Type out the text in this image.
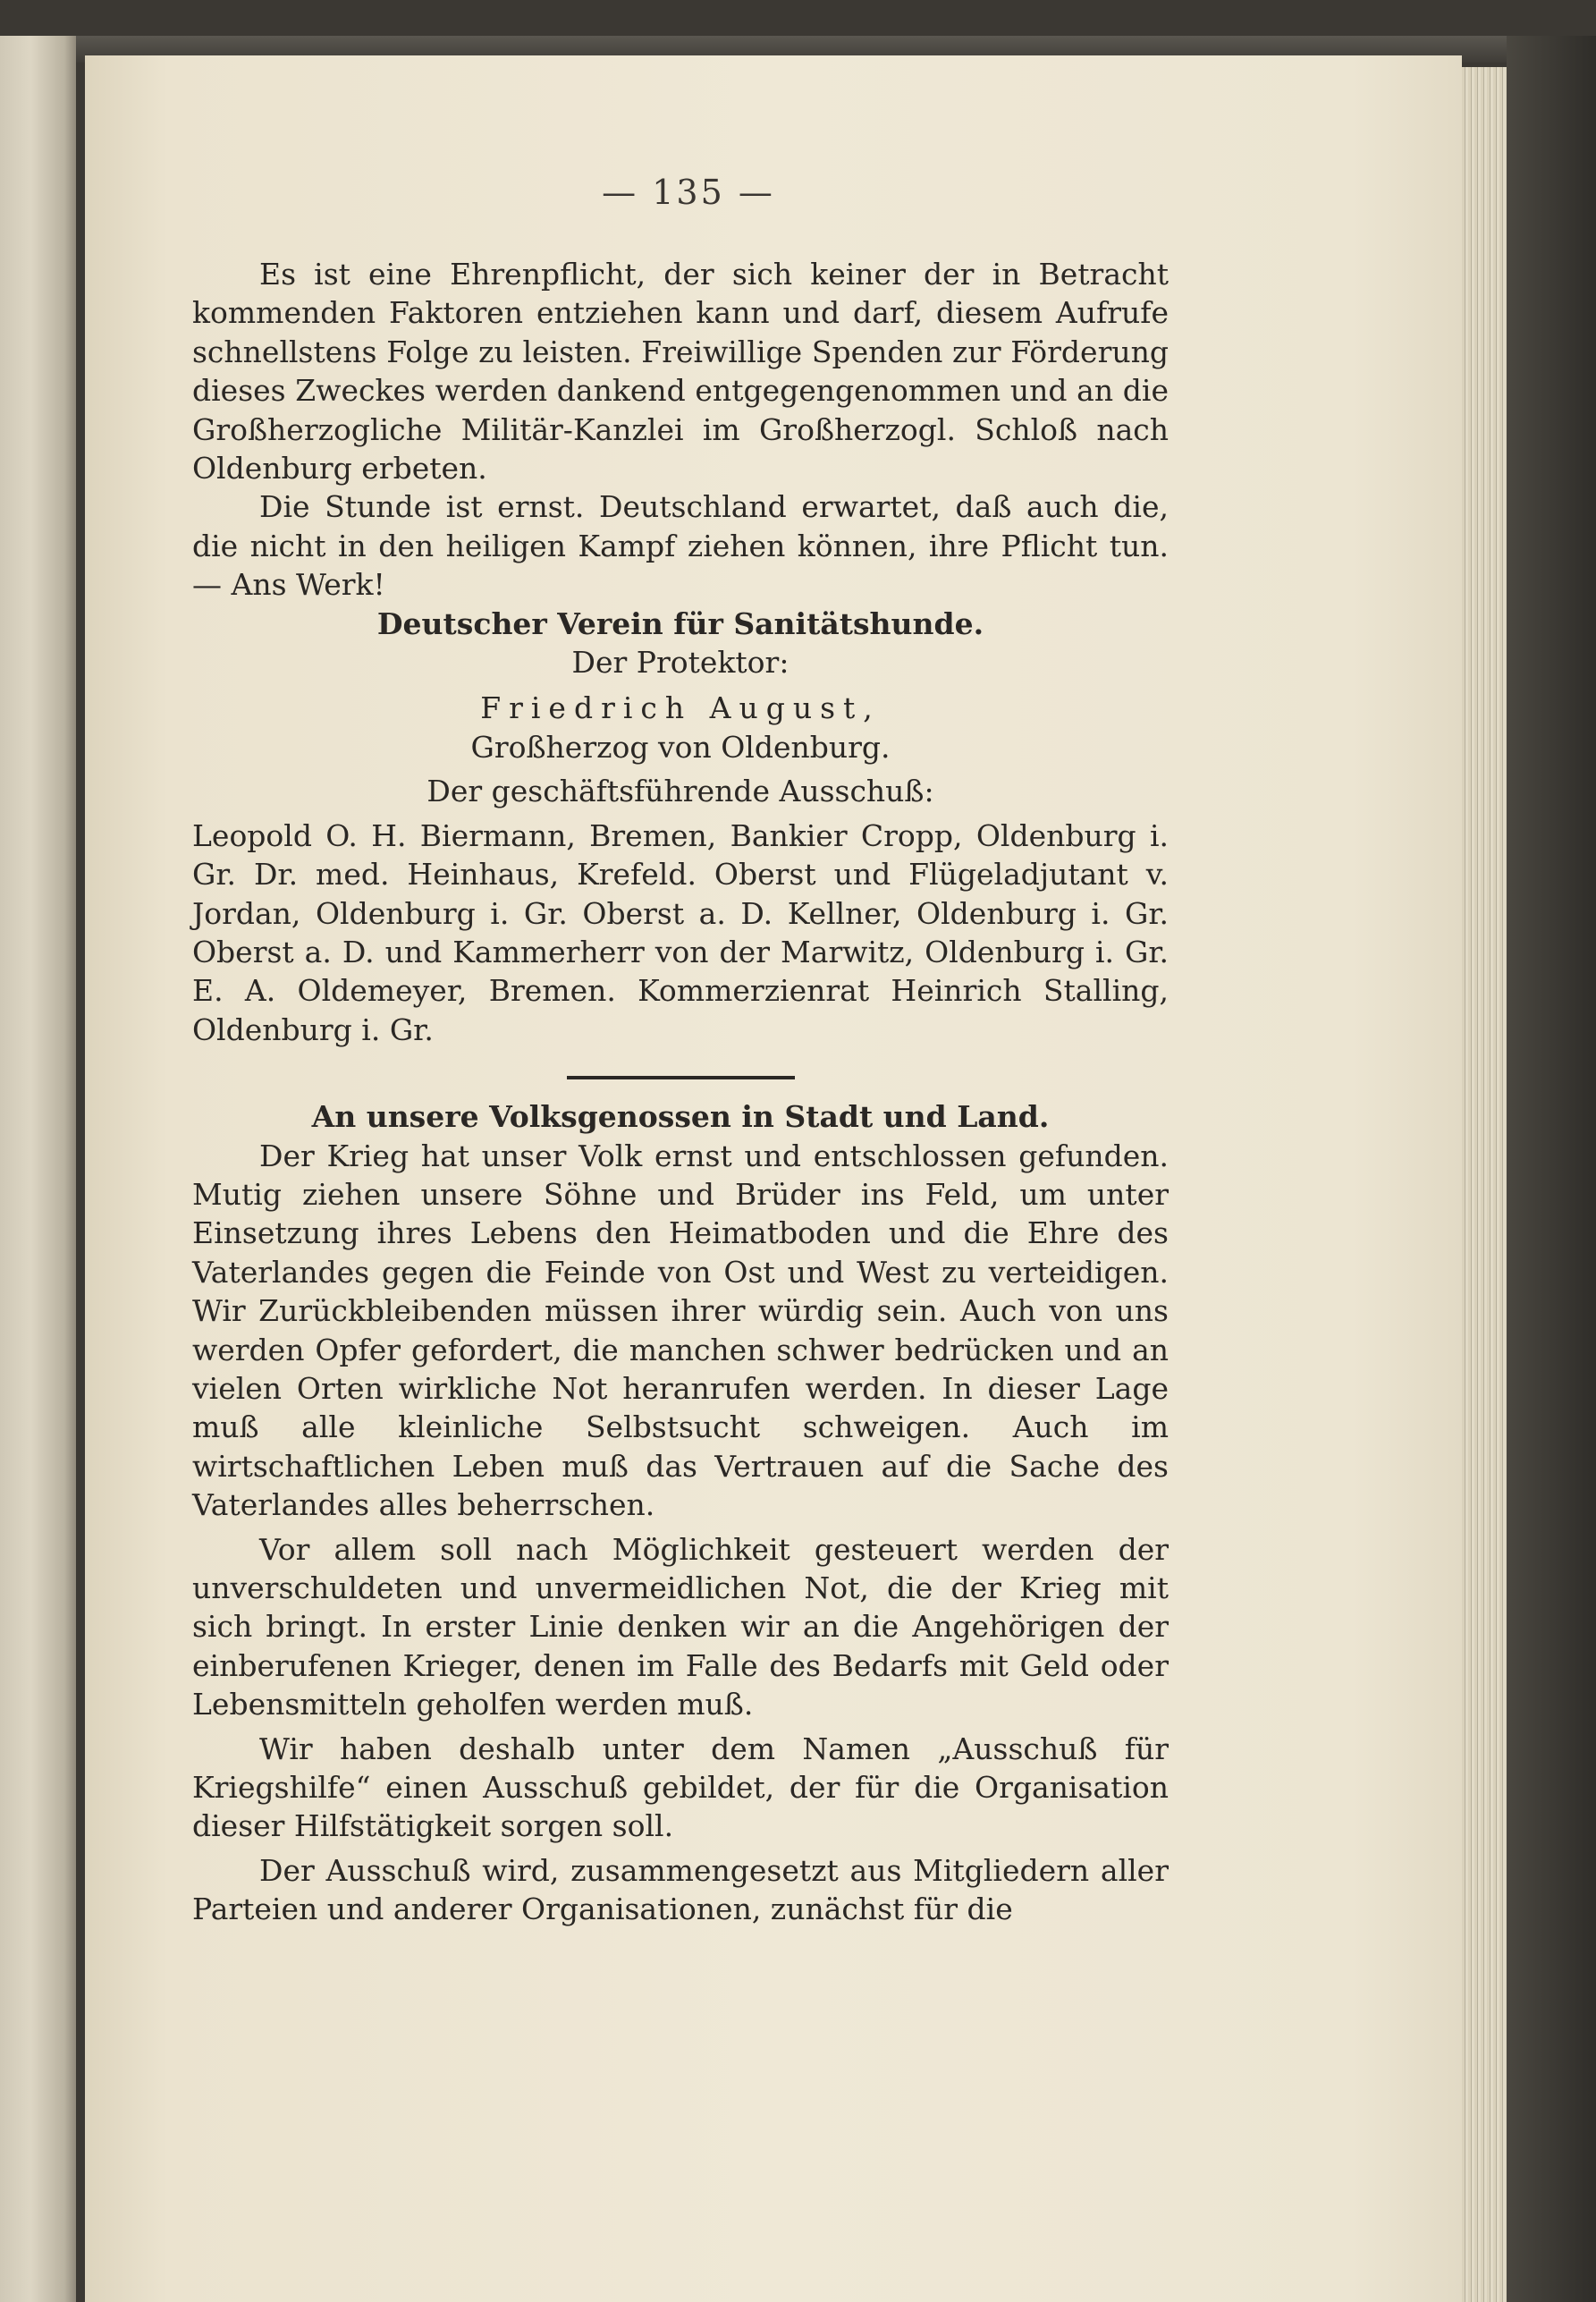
— 135 —

Es ist eine Ehrenpflicht, der sich keiner der in Betracht kommenden Faktoren entziehen kann und darf, diesem Aufrufe schnellstens Folge zu leisten. Freiwillige Spenden zur Förderung dieses Zweckes werden dankend entgegengenommen und an die Großherzogliche Militär-Kanzlei im Großherzogl. Schloß nach Oldenburg erbeten.

Die Stunde ist ernst. Deutschland erwartet, daß auch die, die nicht in den heiligen Kampf ziehen können, ihre Pflicht tun. — Ans Werk!

Deutscher Verein für Sanitätshunde.

Der Protektor:

Friedrich August,

Großherzog von Oldenburg.

Der geschäftsführende Ausschuß:

Leopold O. H. Biermann, Bremen, Bankier Cropp, Oldenburg i. Gr. Dr. med. Heinhaus, Krefeld. Oberst und Flügeladjutant v. Jordan, Oldenburg i. Gr. Oberst a. D. Kellner, Oldenburg i. Gr. Oberst a. D. und Kammerherr von der Marwitz, Oldenburg i. Gr. E. A. Oldemeyer, Bremen. Kommerzienrat Heinrich Stalling, Oldenburg i. Gr.

An unsere Volksgenossen in Stadt und Land.

Der Krieg hat unser Volk ernst und entschlossen gefunden. Mutig ziehen unsere Söhne und Brüder ins Feld, um unter Einsetzung ihres Lebens den Heimatboden und die Ehre des Vaterlandes gegen die Feinde von Ost und West zu verteidigen. Wir Zurückbleibenden müssen ihrer würdig sein. Auch von uns werden Opfer gefordert, die manchen schwer bedrücken und an vielen Orten wirkliche Not heranrufen werden. In dieser Lage muß alle kleinliche Selbstsucht schweigen. Auch im wirtschaftlichen Leben muß das Vertrauen auf die Sache des Vaterlandes alles beherrschen.

Vor allem soll nach Möglichkeit gesteuert werden der unverschuldeten und unvermeidlichen Not, die der Krieg mit sich bringt. In erster Linie denken wir an die Angehörigen der einberufenen Krieger, denen im Falle des Bedarfs mit Geld oder Lebensmitteln geholfen werden muß.

Wir haben deshalb unter dem Namen „Ausschuß für Kriegshilfe“ einen Ausschuß gebildet, der für die Organisation dieser Hilfstätigkeit sorgen soll.

Der Ausschuß wird, zusammengesetzt aus Mitgliedern aller Parteien und anderer Organisationen, zunächst für die
